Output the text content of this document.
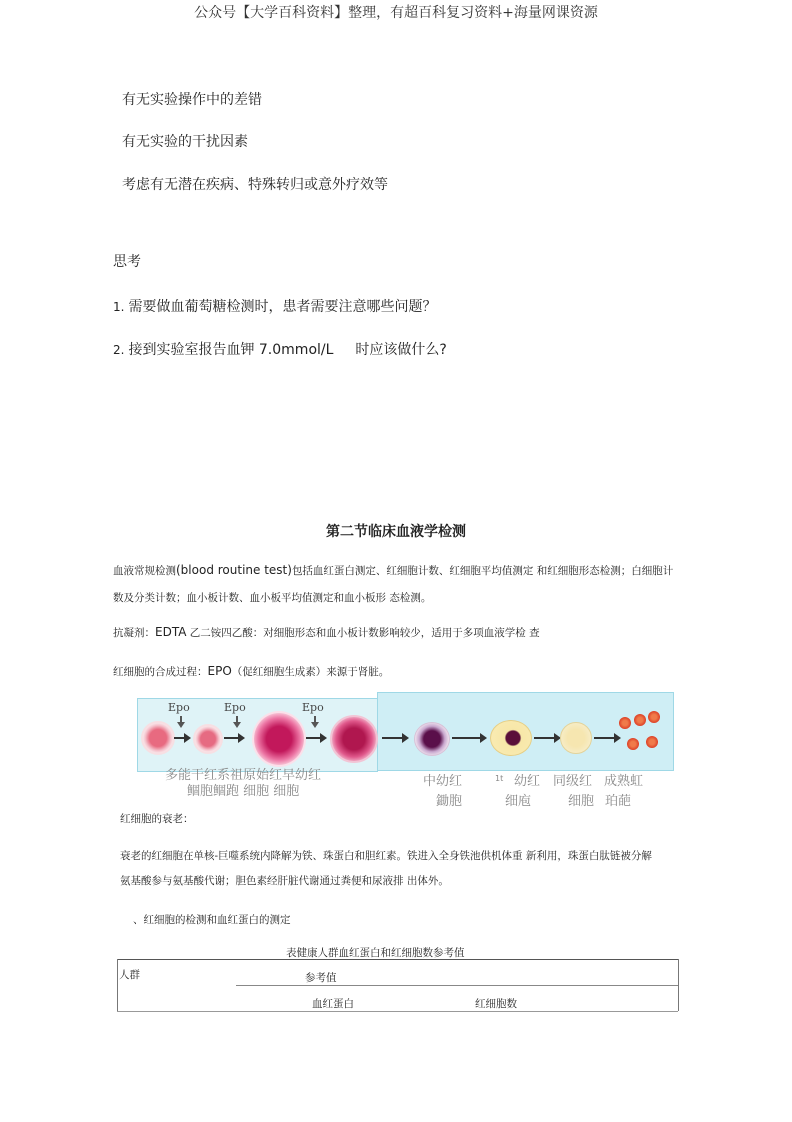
公众号【大学百科资料】整理，有超百科复习资料+海量网课资源
有无实验操作中的差错
有无实验的干扰因素
考虑有无潜在疾病、特殊转归或意外疗效等
思考
1. 需要做血葡萄糖检测时，患者需要注意哪些问题？
2. 接到实验室报告血钾 7.0mmol/L 时应该做什么?
第二节临床血液学检测
血液常规检测(blood routine test)包括血红蛋白测定、红细胞计数、红细胞平均值测定 和红细胞形态检测；白细胞计
数及分类计数；血小板计数、血小板平均值测定和血小板形 态检测。
抗凝剂：EDTA 乙二铵四乙酸：对细胞形态和血小板计数影响较少，适用于多项血液学检 查
红细胞的合成过程：EPO（促红细胞生成素）来源于肾脏。
Epo	Epo	Epo
多能干红系祖原始红早幼红
鲴胞鲴跑 细胞 细胞
中幼红
鋤胞
1t 幼红
细庖
同级红
细胞
成熟虹
珀葩
红细胞的衰老：
衰老的红细胞在单核-巨噬系统内降解为铁、珠蛋白和胆红素。铁进入全身铁池供机体重 新利用，珠蛋白肽链被分解
氨基酸参与氨基酸代谢；胆色素经肝脏代谢通过粪便和尿液排 出体外。
、红细胞的检测和血红蛋白的测定
表健康人群血红蛋白和红细胞数参考值
人群	参考值
血红蛋白	红细胞数
